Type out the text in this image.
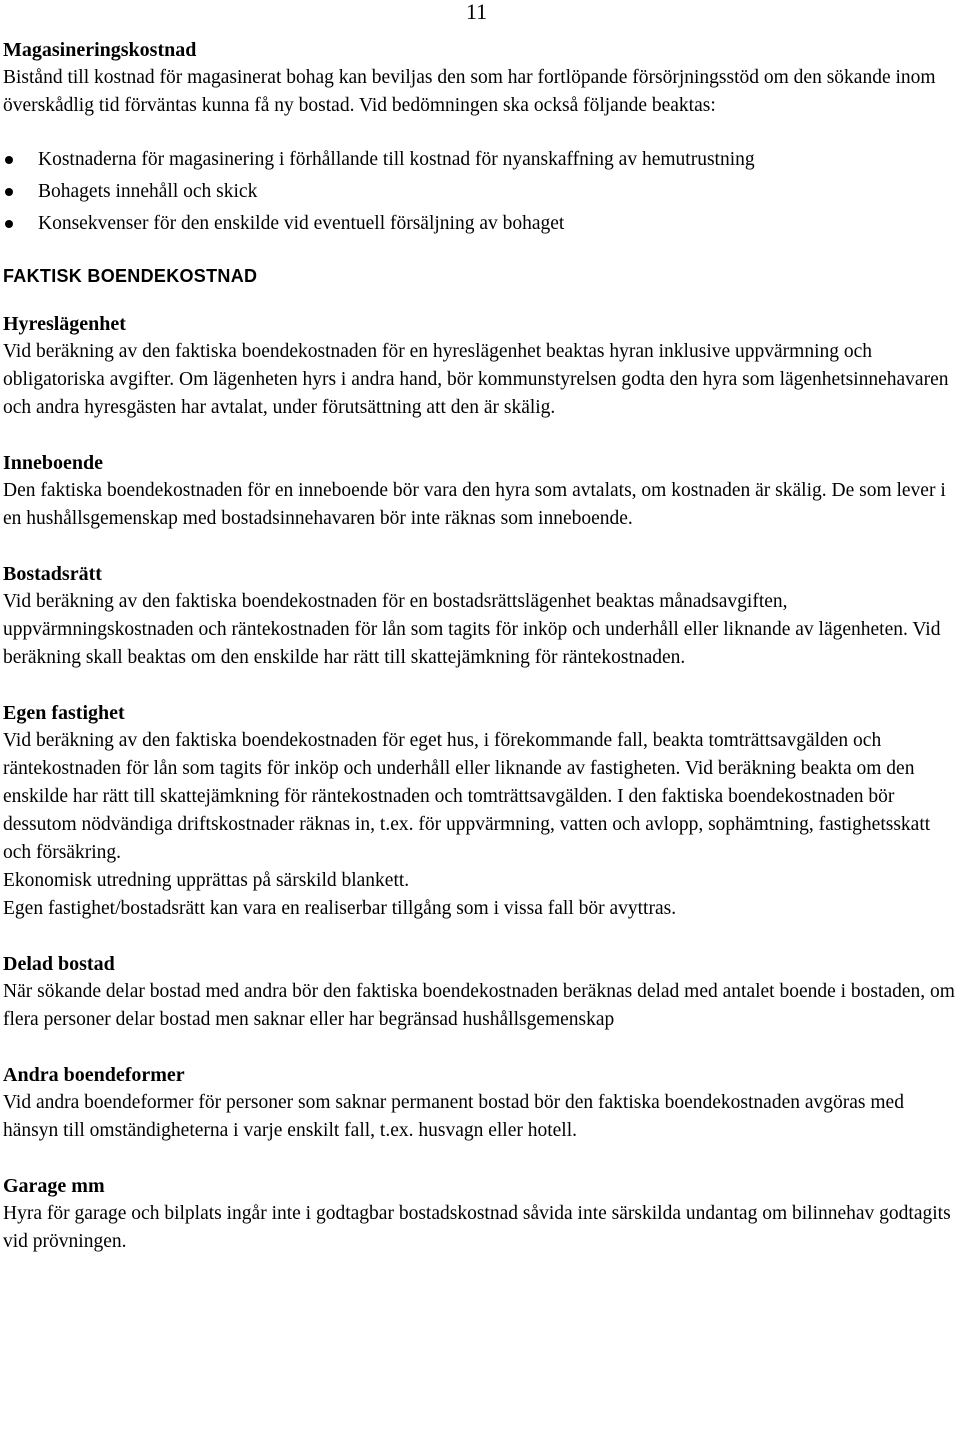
11

Magasineringskostnad

Bistånd till kostnad för magasinerat bohag kan beviljas den som har fortlöpande försörjningsstöd om den sökande inom överskådlig tid förväntas kunna få ny bostad. Vid bedömningen ska också följande beaktas:

Kostnaderna för magasinering i förhållande till kostnad för nyanskaffning av hemutrustning
Bohagets innehåll och skick
Konsekvenser för den enskilde vid eventuell försäljning av bohaget

FAKTISK BOENDEKOSTNAD

Hyreslägenhet

Vid beräkning av den faktiska boendekostnaden för en hyreslägenhet beaktas hyran inklusive uppvärmning och obligatoriska avgifter. Om lägenheten hyrs i andra hand, bör kommunstyrelsen godta den hyra som lägenhetsinnehavaren och andra hyresgästen har avtalat, under förutsättning att den är skälig.

Inneboende

Den faktiska boendekostnaden för en inneboende bör vara den hyra som avtalats, om kostnaden är skälig. De som lever i en hushållsgemenskap med bostadsinnehavaren bör inte räknas som inneboende.

Bostadsrätt

Vid beräkning av den faktiska boendekostnaden för en bostadsrättslägenhet beaktas månadsavgiften, uppvärmningskostnaden och räntekostnaden för lån som tagits för inköp och underhåll eller liknande av lägenheten. Vid beräkning skall beaktas om den enskilde har rätt till skattejämkning för räntekostnaden.

Egen fastighet

Vid beräkning av den faktiska boendekostnaden för eget hus, i förekommande fall, beakta tomträttsavgälden och räntekostnaden för lån som tagits för inköp och underhåll eller liknande av fastigheten. Vid beräkning beakta om den enskilde har rätt till skattejämkning för räntekostnaden och tomträttsavgälden. I den faktiska boendekostnaden bör dessutom nödvändiga driftskostnader räknas in, t.ex. för uppvärmning, vatten och avlopp, sophämtning, fastighetsskatt och försäkring.

Ekonomisk utredning upprättas på särskild blankett.

Egen fastighet/bostadsrätt kan vara en realiserbar tillgång som i vissa fall bör avyttras.

Delad bostad

När sökande delar bostad med andra bör den faktiska boendekostnaden beräknas delad med antalet boende i bostaden, om flera personer delar bostad men saknar eller har begränsad hushållsgemenskap

Andra boendeformer

Vid andra boendeformer för personer som saknar permanent bostad bör den faktiska boendekostnaden avgöras med hänsyn till omständigheterna i varje enskilt fall, t.ex. husvagn eller hotell.

Garage mm

Hyra för garage och bilplats ingår inte i godtagbar bostadskostnad såvida inte särskilda undantag om bilinnehav godtagits vid prövningen.
